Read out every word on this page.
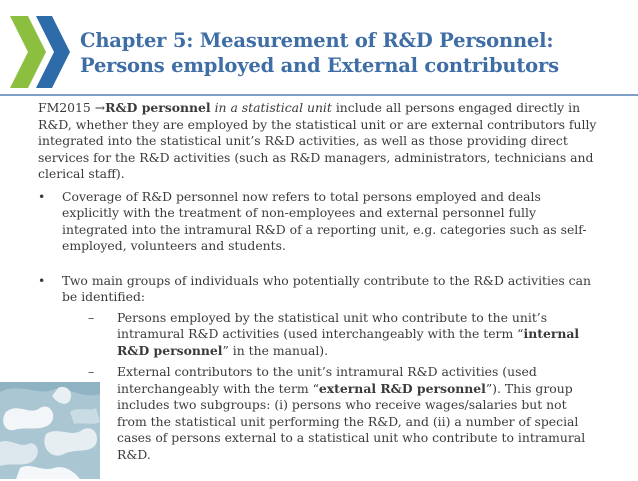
Chapter 5: Measurement of R&D Personnel:
Persons employed and External contributors

FM2015 →R&D personnel in a statistical unit include all persons engaged directly in R&D, whether they are employed by the statistical unit or are external contributors fully integrated into the statistical unit’s R&D activities, as well as those providing direct services for the R&D activities (such as R&D managers, administrators, technicians and clerical staff).

• Coverage of R&D personnel now refers to total persons employed and deals explicitly with the treatment of non-employees and external personnel fully integrated into the intramural R&D of a reporting unit, e.g. categories such as self-employed, volunteers and students.
• Two main groups of individuals who potentially contribute to the R&D activities can be identified:
– Persons employed by the statistical unit who contribute to the unit’s intramural R&D activities (used interchangeably with the term “internal R&D personnel” in the manual).
– External contributors to the unit’s intramural R&D activities (used interchangeably with the term “external R&D personnel”). This group includes two subgroups: (i) persons who receive wages/salaries but not from the statistical unit performing the R&D, and (ii) a number of special cases of persons external to a statistical unit who contribute to intramural R&D.
